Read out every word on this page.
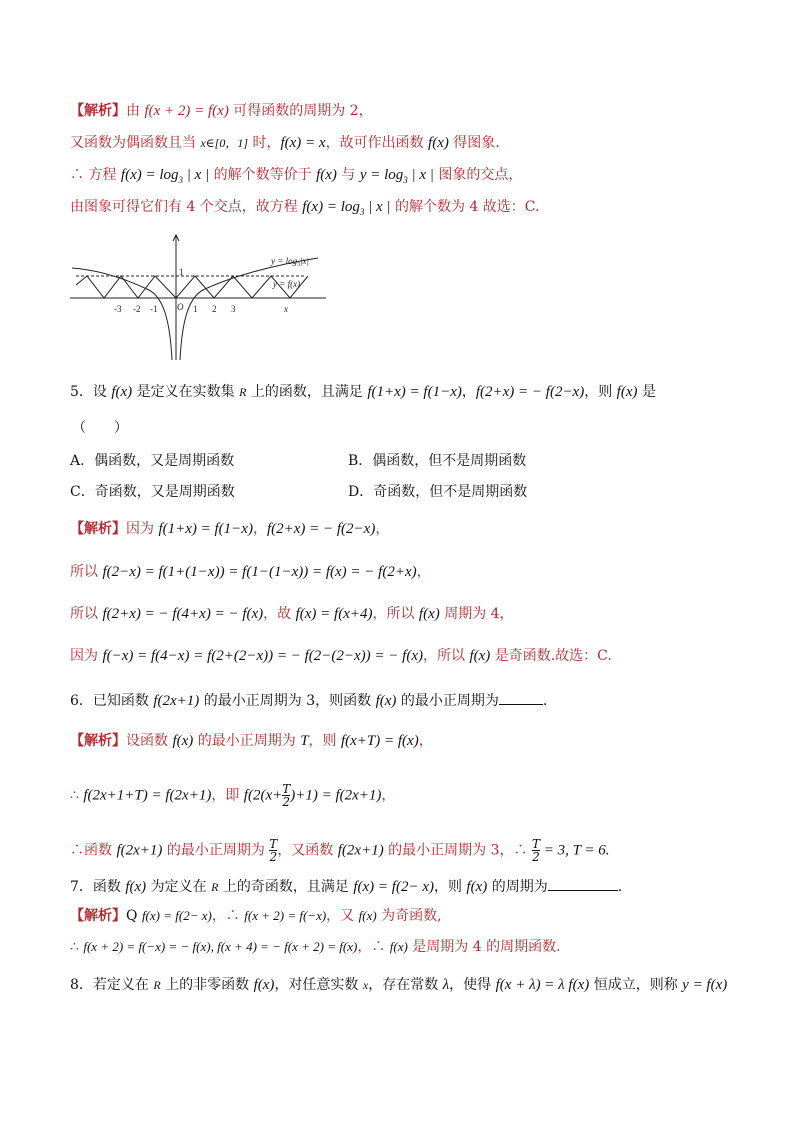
【解析】由 f(x + 2) = f(x) 可得函数的周期为 2，
又函数为偶函数且当 x∈[0，1] 时，f(x) = x，故可作出函数 f(x) 得图象.
∴ 方程 $f(x) = \log_3$ | x | 的解个数等价于 f(x) 与 $y = \log_3$ | x | 图象的交点，
由图象可得它们有 4 个交点，故方程 $f(x) = \log_3$ | x | 的解个数为 4 故选：C.
$y = \log_3|x|$
y = f(x)
1
O	x
-3 -2 -1	1 2 3
5．设 f(x) 是定义在实数集 R 上的函数，且满足 f(1+x) = f(1−x)，f(2+x) = − f(2−x)，则 f(x) 是
（　　）
A．偶函数，又是周期函数	B．偶函数，但不是周期函数
C．奇函数，又是周期函数	D．奇函数，但不是周期函数
【解析】因为 f(1+x) = f(1−x)，f(2+x) = − f(2−x)，
所以 f(2−x) = f(1+(1−x)) = f(1−(1−x)) = f(x) = − f(2+x)，
所以 f(2+x) = − f(4+x) = − f(x)，故 f(x) = f(x+4)，所以 f(x) 周期为 4，
因为 f(−x) = f(4−x) = f(2+(2−x)) = − f(2−(2−x)) = − f(x)，所以 f(x) 是奇函数.故选：C.
6．已知函数 f(2x+1) 的最小正周期为 3，则函数 f(x) 的最小正周期为	.
【解析】设函数 f(x) 的最小正周期为 T，则 f(x+T) = f(x)，
∴ f(2x+1+T) = f(2x+1)，即 $f(2(x+ \frac{T}{2} )+1) = f(2x+1)$，
∴函数 f(2x+1) 的最小正周期为 $\frac{T}{2}$ ，又函数 f(2x+1) 的最小正周期为 3，∴ $\frac{T}{2} = 3$, T = 6.
7．函数 f(x) 为定义在 R 上的奇函数，且满足 f(x) = f(2− x)，则 f(x) 的周期为	.
【解析】Q f(x) = f(2− x)，∴ f(x + 2) = f(−x)，又 f(x) 为奇函数,
∴ f(x + 2) = f(−x) = − f(x), f(x + 4) = − f(x + 2) = f(x)，∴ f(x) 是周期为 4 的周期函数.
8．若定义在 R 上的非零函数 f(x)，对任意实数 x，存在常数 λ，使得 f(x + λ) = λ f(x) 恒成立，则称 y = f(x)
